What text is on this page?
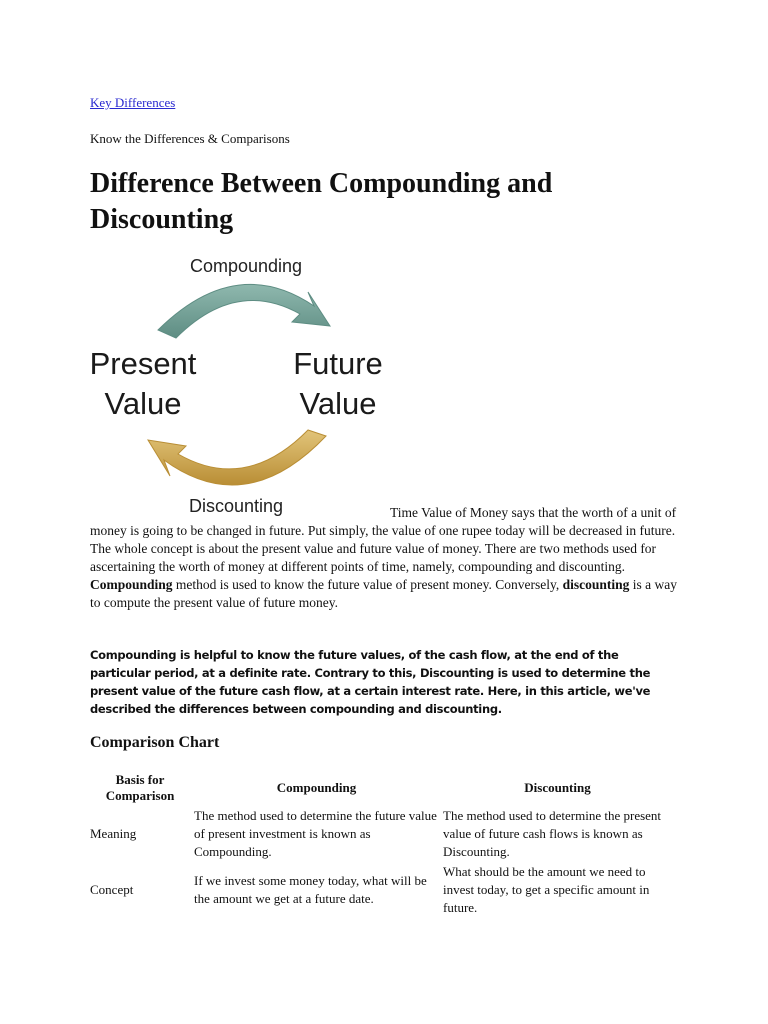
Key Differences
Know the Differences & Comparisons
Difference Between Compounding and Discounting
Compounding
Discounting
Present
Value
Future
Value

Time Value of Money says that the worth of a unit of money is going to be changed in future. Put simply, the value of one rupee today will be decreased in future. The whole concept is about the present value and future value of money. There are two methods used for ascertaining the worth of money at different points of time, namely, compounding and discounting. Compounding method is used to know the future value of present money. Conversely, discounting is a way to compute the present value of future money.

Compounding is helpful to know the future values, of the cash flow, at the end of the particular period, at a definite rate. Contrary to this, Discounting is used to determine the present value of the future cash flow, at a certain interest rate. Here, in this article, we've described the differences between compounding and discounting.

Comparison Chart
Basis for Comparison	Compounding	Discounting
Meaning	The method used to determine the future value of present investment is known as Compounding.	The method used to determine the present value of future cash flows is known as Discounting.
Concept	If we invest some money today, what will be the amount we get at a future date.	What should be the amount we need to invest today, to get a specific amount in future.
